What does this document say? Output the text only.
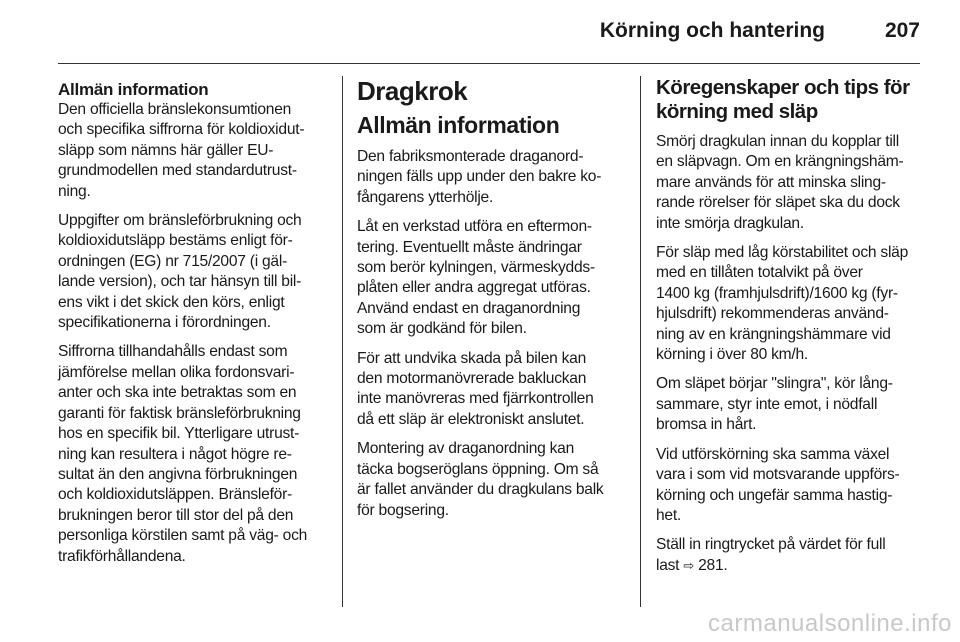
Körning och hantering	207
Allmän information

Den officiella bränslekonsumtionen
och specifika siffrorna för koldioxidut-
släpp som nämns här gäller EU-
grundmodellen med standardutrust-
ning.

Uppgifter om bränsleförbrukning och
koldioxidutsläpp bestäms enligt för-
ordningen (EG) nr 715/2007 (i gäl-
lande version), och tar hänsyn till bil-
ens vikt i det skick den körs, enligt
specifikationerna i förordningen.

Siffrorna tillhandahålls endast som
jämförelse mellan olika fordonsvari-
anter och ska inte betraktas som en
garanti för faktisk bränsleförbrukning
hos en specifik bil. Ytterligare utrust-
ning kan resultera i något högre re-
sultat än den angivna förbrukningen
och koldioxidutsläppen. Bränsleför-
brukningen beror till stor del på den
personliga körstilen samt på väg- och
trafikförhållandena.

Dragkrok
Allmän information

Den fabriksmonterade draganord-
ningen fälls upp under den bakre ko-
fångarens ytterhölje.

Låt en verkstad utföra en eftermon-
tering. Eventuellt måste ändringar
som berör kylningen, värmeskydds-
plåten eller andra aggregat utföras.
Använd endast en draganordning
som är godkänd för bilen.

För att undvika skada på bilen kan
den motormanövrerade bakluckan
inte manövreras med fjärrkontrollen
då ett släp är elektroniskt anslutet.

Montering av draganordning kan
täcka bogseröglans öppning. Om så
är fallet använder du dragkulans balk
för bogsering.

Köregenskaper och tips för
körning med släp

Smörj dragkulan innan du kopplar till
en släpvagn. Om en krängningshäm-
mare används för att minska sling-
rande rörelser för släpet ska du dock
inte smörja dragkulan.

För släp med låg körstabilitet och släp
med en tillåten totalvikt på över
1400 kg (framhjulsdrift)/1600 kg (fyr-
hjulsdrift) rekommenderas använd-
ning av en krängningshämmare vid
körning i över 80 km/h.

Om släpet börjar "slingra", kör lång-
sammare, styr inte emot, i nödfall
bromsa in hårt.

Vid utförskörning ska samma växel
vara i som vid motsvarande uppförs-
körning och ungefär samma hastig-
het.

Ställ in ringtrycket på värdet för full
last ⇨ 281.

carmanualsonline.info
